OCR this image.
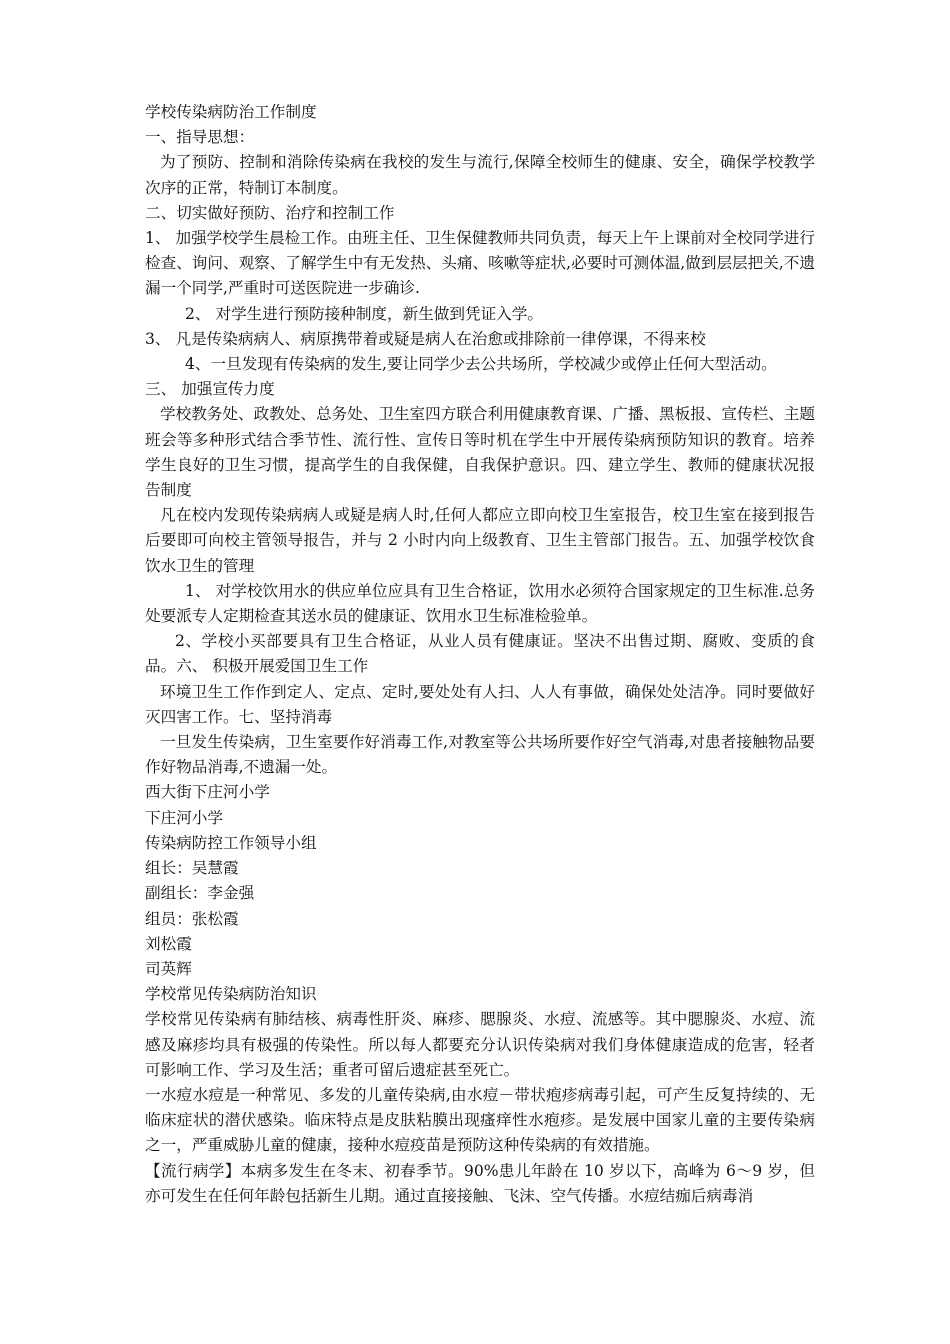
学校传染病防治工作制度

一、指导思想：

为了预防、控制和消除传染病在我校的发生与流行,保障全校师生的健康、安全，确保学校教学次序的正常，特制订本制度。

二、切实做好预防、治疗和控制工作

1、 加强学校学生晨检工作。由班主任、卫生保健教师共同负责，每天上午上课前对全校同学进行检查、询问、观察、了解学生中有无发热、头痛、咳嗽等症状,必要时可测体温,做到层层把关,不遗漏一个同学,严重时可送医院进一步确诊.

2、 对学生进行预防接种制度，新生做到凭证入学。

3、 凡是传染病病人、病原携带着或疑是病人在治愈或排除前一律停课，不得来校

4、一旦发现有传染病的发生,要让同学少去公共场所，学校减少或停止任何大型活动。

三、 加强宣传力度

学校教务处、政教处、总务处、卫生室四方联合利用健康教育课、广播、黑板报、宣传栏、主题班会等多种形式结合季节性、流行性、宣传日等时机在学生中开展传染病预防知识的教育。培养学生良好的卫生习惯，提高学生的自我保健，自我保护意识。四、建立学生、教师的健康状况报告制度

凡在校内发现传染病病人或疑是病人时,任何人都应立即向校卫生室报告，校卫生室在接到报告后要即可向校主管领导报告，并与 2 小时内向上级教育、卫生主管部门报告。五、加强学校饮食饮水卫生的管理

1、 对学校饮用水的供应单位应具有卫生合格证，饮用水必须符合国家规定的卫生标准.总务处要派专人定期检查其送水员的健康证、饮用水卫生标准检验单。

2、学校小买部要具有卫生合格证，从业人员有健康证。坚决不出售过期、腐败、变质的食品。六、 积极开展爱国卫生工作

环境卫生工作作到定人、定点、定时,要处处有人扫、人人有事做，确保处处洁净。同时要做好灭四害工作。七、坚持消毒

一旦发生传染病，卫生室要作好消毒工作,对教室等公共场所要作好空气消毒,对患者接触物品要作好物品消毒,不遗漏一处。

西大街下庄河小学

下庄河小学

传染病防控工作领导小组

组长：吴慧霞

副组长：李金强

组员：张松霞

刘松霞

司英辉

学校常见传染病防治知识

学校常见传染病有肺结核、病毒性肝炎、麻疹、腮腺炎、水痘、流感等。其中腮腺炎、水痘、流感及麻疹均具有极强的传染性。所以每人都要充分认识传染病对我们身体健康造成的危害，轻者可影响工作、学习及生活；重者可留后遗症甚至死亡。

一水痘水痘是一种常见、多发的儿童传染病,由水痘－带状疱疹病毒引起，可产生反复持续的、无临床症状的潜伏感染。临床特点是皮肤粘膜出现瘙痒性水疱疹。是发展中国家儿童的主要传染病之一，严重威胁儿童的健康，接种水痘疫苗是预防这种传染病的有效措施。

【流行病学】本病多发生在冬末、初春季节。90%患儿年龄在 10 岁以下，高峰为 6～9 岁，但亦可发生在任何年龄包括新生儿期。通过直接接触、飞沫、空气传播。水痘结痂后病毒消
